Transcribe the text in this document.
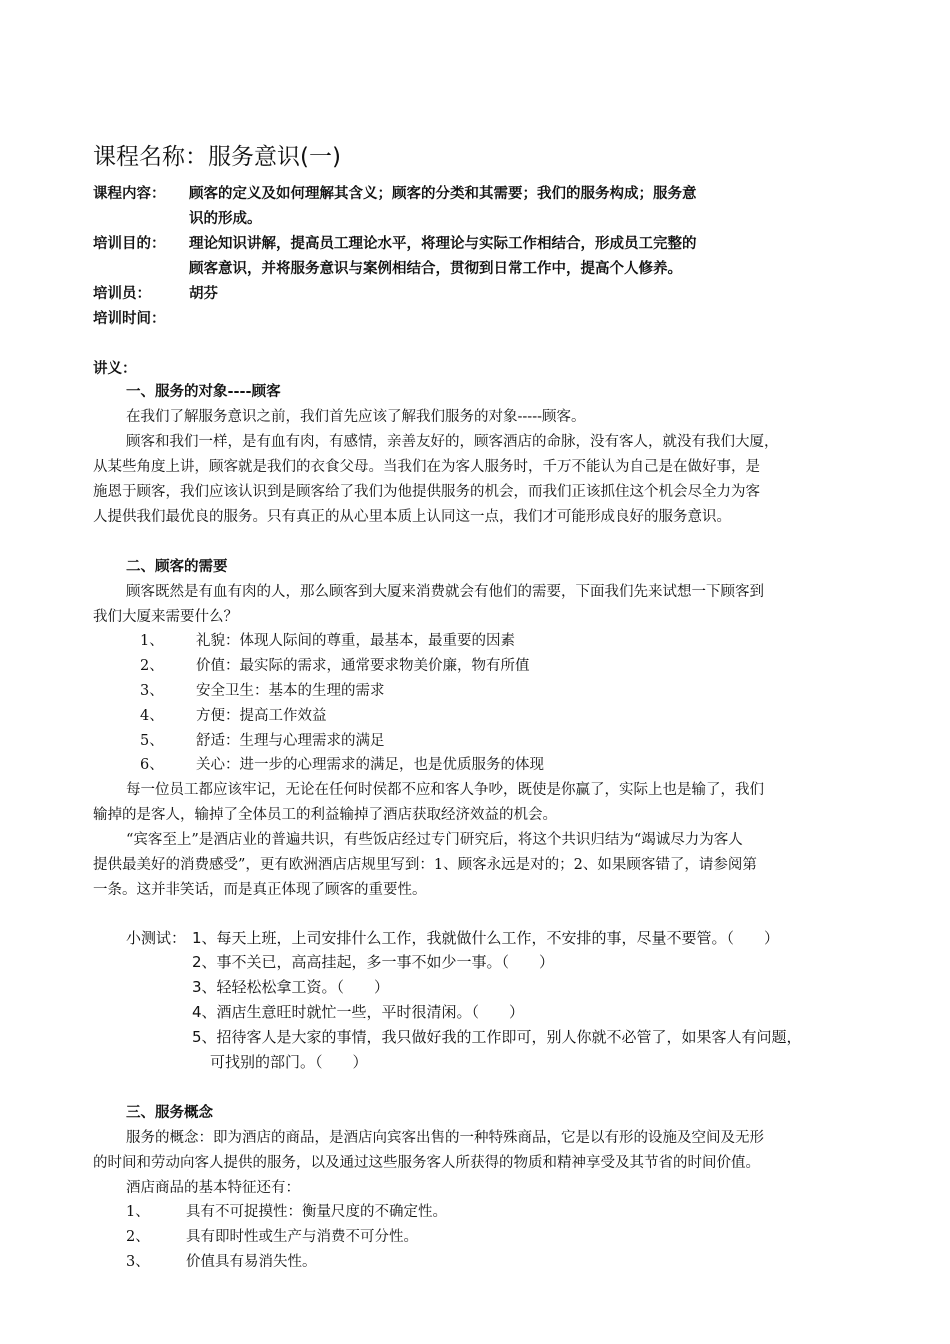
课程名称：服务意识(一)
课程内容： 顾客的定义及如何理解其含义；顾客的分类和其需要；我们的服务构成；服务意
识的形成。
培训目的： 理论知识讲解，提高员工理论水平，将理论与实际工作相结合，形成员工完整的
顾客意识，并将服务意识与案例相结合，贯彻到日常工作中，提高个人修养。
培训员：	胡芬
培训时间：
讲义：
一、服务的对象----顾客
在我们了解服务意识之前，我们首先应该了解我们服务的对象-----顾客。
顾客和我们一样，是有血有肉，有感情，亲善友好的，顾客酒店的命脉，没有客人，就没有我们大厦，
从某些角度上讲，顾客就是我们的衣食父母。当我们在为客人服务时，千万不能认为自己是在做好事，是
施恩于顾客，我们应该认识到是顾客给了我们为他提供服务的机会，而我们正该抓住这个机会尽全力为客
人提供我们最优良的服务。只有真正的从心里本质上认同这一点，我们才可能形成良好的服务意识。
二、顾客的需要
顾客既然是有血有肉的人，那么顾客到大厦来消费就会有他们的需要，下面我们先来试想一下顾客到
我们大厦来需要什么？
1、 礼貌：体现人际间的尊重，最基本，最重要的因素
2、 价值：最实际的需求，通常要求物美价廉，物有所值
3、 安全卫生：基本的生理的需求
4、 方便：提高工作效益
5、 舒适：生理与心理需求的满足
6、 关心：进一步的心理需求的满足，也是优质服务的体现
每一位员工都应该牢记，无论在任何时侯都不应和客人争吵，既使是你赢了，实际上也是输了，我们
输掉的是客人，输掉了全体员工的利益输掉了酒店获取经济效益的机会。
“宾客至上”是酒店业的普遍共识，有些饭店经过专门研究后，将这个共识归结为“竭诚尽力为客人
提供最美好的消费感受”，更有欧洲酒店店规里写到：1、顾客永远是对的；2、如果顾客错了，请参阅第
一条。这并非笑话，而是真正体现了顾客的重要性。
小测试： 1、每天上班，上司安排什么工作，我就做什么工作，不安排的事，尽量不要管。（　　）
2、事不关已，高高挂起，多一事不如少一事。（　　）
3、轻轻松松拿工资。（　　）
4、酒店生意旺时就忙一些，平时很清闲。（　　）
5、招待客人是大家的事情，我只做好我的工作即可，别人你就不必管了，如果客人有问题，
可找别的部门。（　　）
三、服务概念
服务的概念：即为酒店的商品，是酒店向宾客出售的一种特殊商品，它是以有形的设施及空间及无形
的时间和劳动向客人提供的服务，以及通过这些服务客人所获得的物质和精神享受及其节省的时间价值。
酒店商品的基本特征还有：
1、	具有不可捉摸性：衡量尺度的不确定性。
2、	具有即时性或生产与消费不可分性。
3、	价值具有易消失性。
